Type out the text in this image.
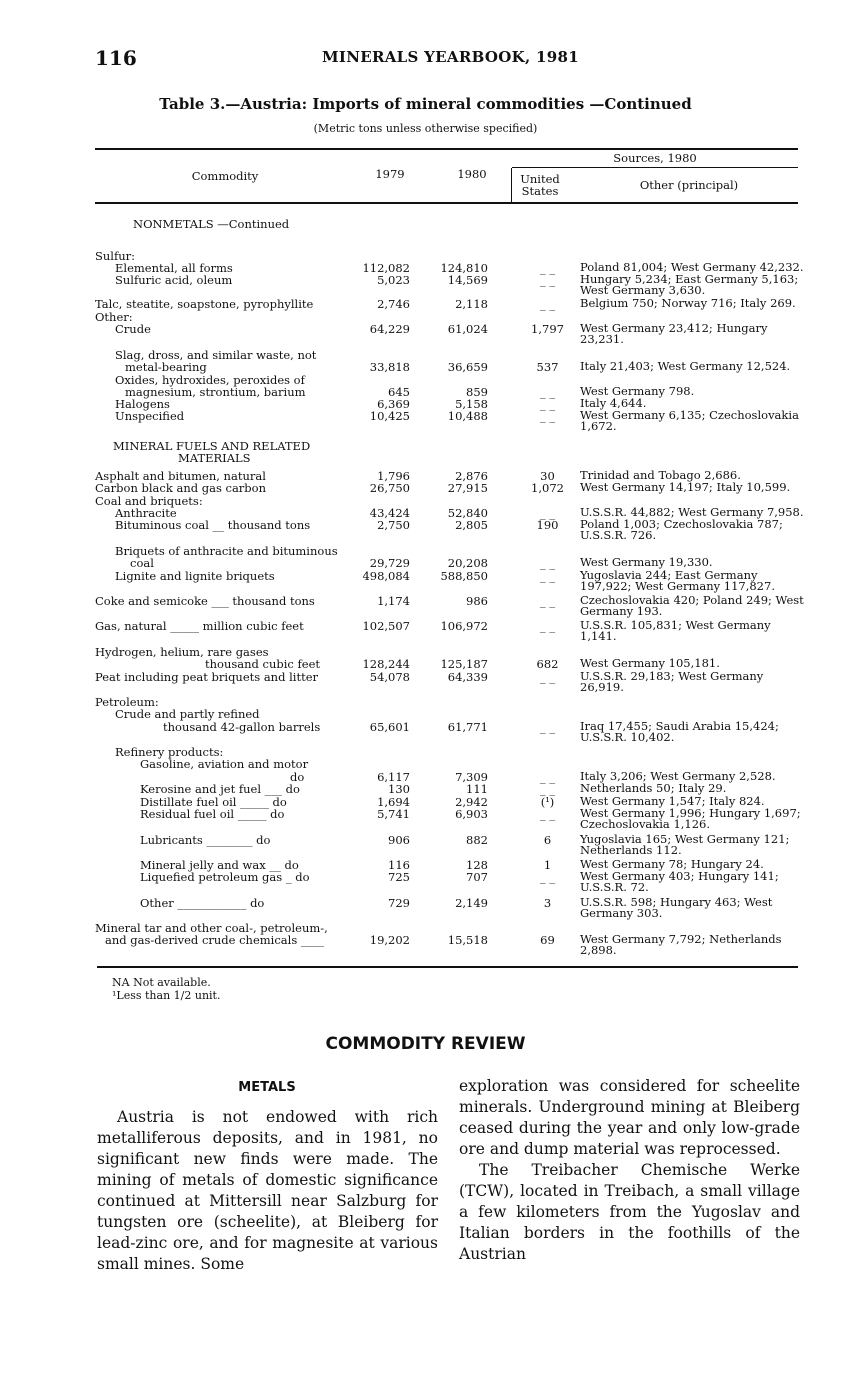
116	MINERALS YEARBOOK, 1981
Table 3.—Austria: Imports of mineral commodities —Continued
(Metric tons unless otherwise specified)
Commodity	1979	1980
Sources, 1980
United States	Other (principal)
NONMETALS —Continued
Sulfur:
Elemental, all forms	112,082	124,810	_ _	Poland 81,004; West Germany 42,232.
Sulfuric acid, oleum	5,023	14,569	_ _	Hungary 5,234; East Germany 5,163; West Germany 3,630.
Talc, steatite, soapstone, pyrophyllite	2,746	2,118	_ _	Belgium 750; Norway 716; Italy 269.
Other:
Crude	64,229	61,024	1,797	West Germany 23,412; Hungary 23,231.
Slag, dross, and similar waste, not
metal-bearing	33,818	36,659	537	Italy 21,403; West Germany 12,524.
Oxides, hydroxides, peroxides of
magnesium, strontium, barium	645	859	_ _	West Germany 798.
Halogens	6,369	5,158	_ _	Italy 4,644.
Unspecified	10,425	10,488	_ _	West Germany 6,135; Czechoslovakia 1,672.
MINERAL FUELS AND RELATED
MATERIALS
Asphalt and bitumen, natural	1,796	2,876	30	Trinidad and Tobago 2,686.
Carbon black and gas carbon	26,750	27,915	1,072	West Germany 14,197; Italy 10,599.
Coal and briquets:
Anthracite	43,424	52,840	_ _	U.S.S.R. 44,882; West Germany 7,958.
Bituminous coal __ thousand tons	2,750	2,805	190	Poland 1,003; Czechoslovakia 787; U.S.S.R. 726.
Briquets of anthracite and bituminous
coal	29,729	20,208	_ _	West Germany 19,330.
Lignite and lignite briquets	498,084	588,850	_ _	Yugoslavia 244; East Germany 197,922; West Germany 117,827.
Coke and semicoke ___ thousand tons	1,174	986	_ _	Czechoslovakia 420; Poland 249; West Germany 193.
Gas, natural _____ million cubic feet	102,507	106,972	_ _	U.S.S.R. 105,831; West Germany 1,141.
Hydrogen, helium, rare gases
thousand cubic feet	128,244	125,187	682	West Germany 105,181.
Peat including peat briquets and litter	54,078	64,339	_ _	U.S.S.R. 29,183; West Germany 26,919.
Petroleum:
Crude and partly refined
thousand 42-gallon barrels	65,601	61,771	_ _	Iraq 17,455; Saudi Arabia 15,424; U.S.S.R. 10,402.
Refinery products:
Gasoline, aviation and motor
do	6,117	7,309	_ _	Italy 3,206; West Germany 2,528.
Kerosine and jet fuel ___ do	130	111	_ _	Netherlands 50; Italy 29.
Distillate fuel oil _____ do	1,694	2,942	(¹)	West Germany 1,547; Italy 824.
Residual fuel oil _____ do	5,741	6,903	_ _	West Germany 1,996; Hungary 1,697; Czechoslovakia 1,126.
Lubricants ________ do	906	882	6	Yugoslavia 165; West Germany 121; Netherlands 112.
Mineral jelly and wax __ do	116	128	1	West Germany 78; Hungary 24.
Liquefied petroleum gas _ do	725	707	_ _	West Germany 403; Hungary 141; U.S.S.R. 72.
Other ____________ do	729	2,149	3	U.S.S.R. 598; Hungary 463; West Germany 303.
Mineral tar and other coal-, petroleum-,
and gas-derived crude chemicals ____	19,202	15,518	69	West Germany 7,792; Netherlands 2,898.
NA Not available.
¹Less than 1/2 unit.
COMMODITY REVIEW
METALS
Austria is not endowed with rich metalliferous deposits, and in 1981, no significant new finds were made. The mining of metals of domestic significance continued at Mittersill near Salzburg for tungsten ore (scheelite), at Bleiberg for lead-zinc ore, and for magnesite at various small mines. Some
exploration was considered for scheelite minerals. Underground mining at Bleiberg ceased during the year and only low-grade ore and dump material was reprocessed.
The Treibacher Chemische Werke (TCW), located in Treibach, a small village a few kilometers from the Yugoslav and Italian borders in the foothills of the Austrian
